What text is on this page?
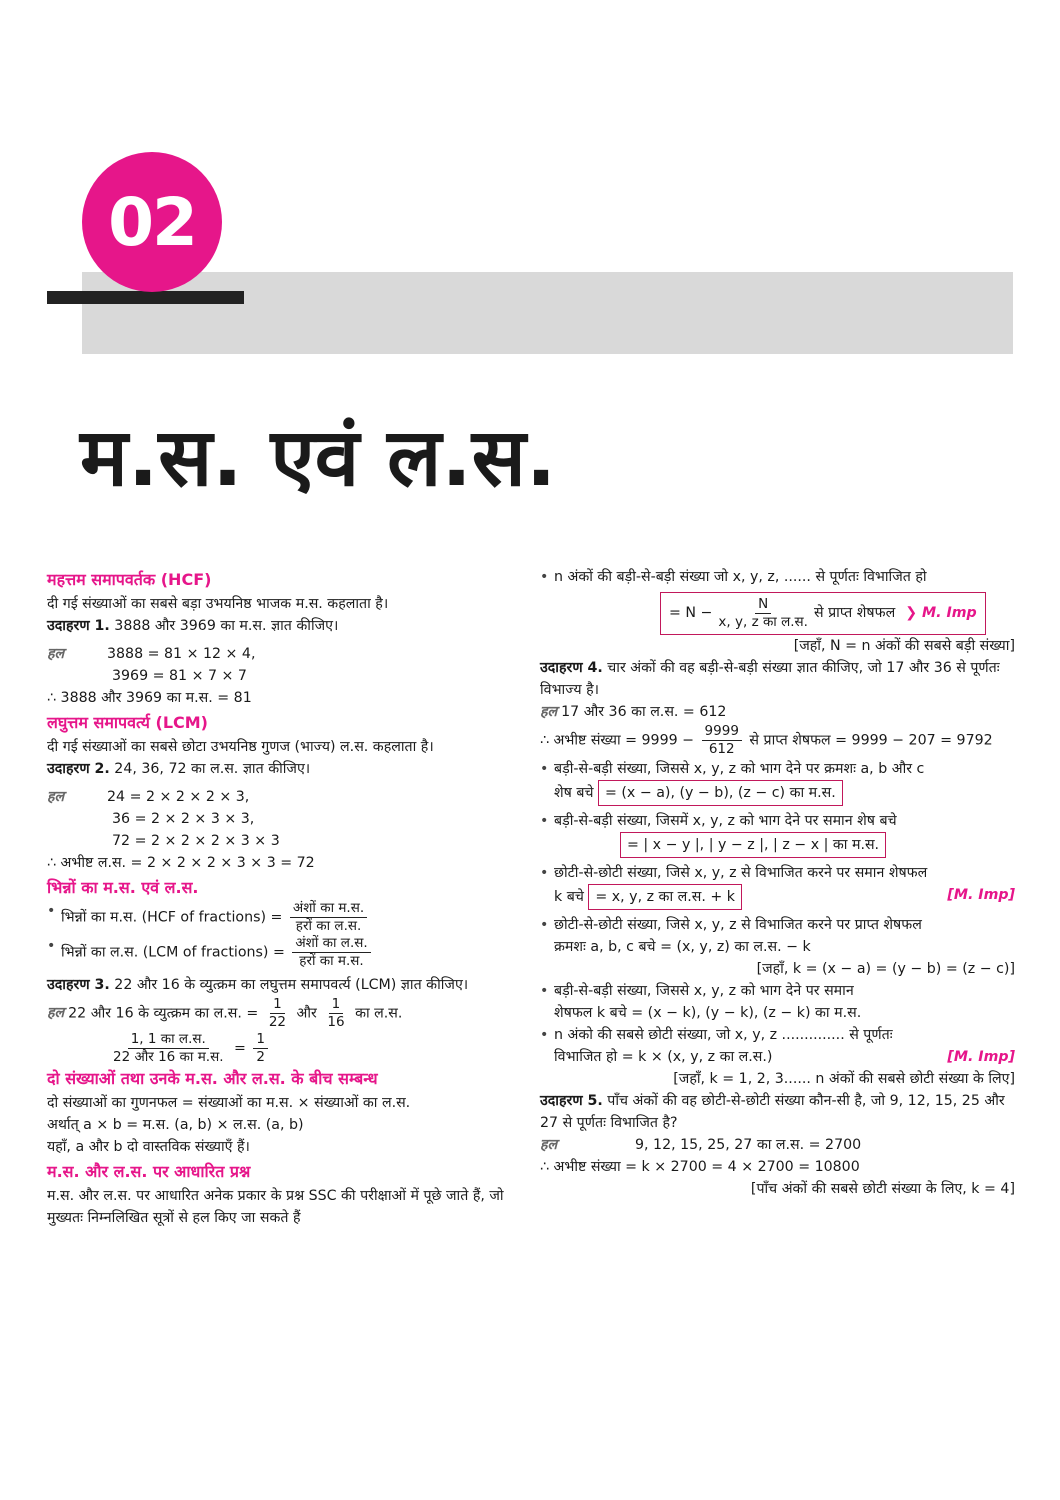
02
म.स. एवं ल.स.
महत्तम समापवर्तक (HCF)

दी गई संख्याओं का सबसे बड़ा उभयनिष्ठ भाजक म.स. कहलाता है।

उदाहरण 1. 3888 और 3969 का म.स. ज्ञात कीजिए।

हल	3888 = 81 × 12 × 4,

3969 = 81 × 7 × 7

∴ 3888 और 3969 का म.स. = 81

लघुत्तम समापवर्त्य (LCM)

दी गई संख्याओं का सबसे छोटा उभयनिष्ठ गुणज (भाज्य) ल.स. कहलाता है।

उदाहरण 2. 24, 36, 72 का ल.स. ज्ञात कीजिए।

हल	24 = 2 × 2 × 2 × 3,

36 = 2 × 2 × 3 × 3,

72 = 2 × 2 × 2 × 3 × 3

∴ अभीष्ट ल.स. = 2 × 2 × 2 × 3 × 3 = 72

भिन्नों का म.स. एवं ल.स.

• भिन्नों का म.स. (HCF of fractions) = $\frac{\text{अंशों का म.स.}}{\text{हरों का ल.स.}}$

• भिन्नों का ल.स. (LCM of fractions) = $\frac{\text{अंशों का ल.स.}}{\text{हरों का म.स.}}$

उदाहरण 3. 22 और 16 के व्युत्क्रम का लघुत्तम समापवर्त्य (LCM) ज्ञात कीजिए।

हल 22 और 16 के व्युत्क्रम का ल.स. = $\frac{1}{22}$ और $\frac{1}{16}$ का ल.स.

$\frac{\text{1, 1 का ल.स.}}{\text{22 और 16 का म.स.}} = \frac{1}{2}$

दो संख्याओं तथा उनके म.स. और ल.स. के बीच सम्बन्ध

दो संख्याओं का गुणनफल = संख्याओं का म.स. × संख्याओं का ल.स.

अर्थात् a × b = म.स. (a, b) × ल.स. (a, b)

यहाँ, a और b दो वास्तविक संख्याएँ हैं।

म.स. और ल.स. पर आधारित प्रश्न

म.स. और ल.स. पर आधारित अनेक प्रकार के प्रश्न SSC की परीक्षाओं में पूछे जाते हैं, जो मुख्यतः निम्नलिखित सूत्रों से हल किए जा सकते हैं

• n अंकों की बड़ी-से-बड़ी संख्या जो x, y, z, ...... से पूर्णतः विभाजित हो

= $N - \frac{N}{\text{x, y, z का ल.स.}}$ से प्राप्त शेषफल ❯ M. Imp

[जहाँ, N = n अंकों की सबसे बड़ी संख्या]

उदाहरण 4. चार अंकों की वह बड़ी-से-बड़ी संख्या ज्ञात कीजिए, जो 17 और 36 से पूर्णतः विभाज्य है।

हल 17 और 36 का ल.स. = 612

∴ अभीष्ट संख्या = $9999 - \frac{9999}{612}$ से प्राप्त शेषफल = 9999 − 207 = 9792

• बड़ी-से-बड़ी संख्या, जिससे x, y, z को भाग देने पर क्रमशः a, b और c

शेष बचे = (x − a), (y − b), (z − c) का म.स.

• बड़ी-से-बड़ी संख्या, जिसमें x, y, z को भाग देने पर समान शेष बचे

= | x − y |, | y − z |, | z − x | का म.स.

• छोटी-से-छोटी संख्या, जिसे x, y, z से विभाजित करने पर समान शेषफल

k बचे = x, y, z का ल.स. + k	[M. Imp]

• छोटी-से-छोटी संख्या, जिसे x, y, z से विभाजित करने पर प्राप्त शेषफल

क्रमशः a, b, c बचे = (x, y, z) का ल.स. − k

[जहाँ, k = (x − a) = (y − b) = (z − c)]

• बड़ी-से-बड़ी संख्या, जिससे x, y, z को भाग देने पर समान

शेषफल k बचे = (x − k), (y − k), (z − k) का म.स.

• n अंको की सबसे छोटी संख्या, जो x, y, z .............. से पूर्णतः

विभाजित हो = k × (x, y, z का ल.स.)	[M. Imp]

[जहाँ, k = 1, 2, 3...... n अंकों की सबसे छोटी संख्या के लिए]

उदाहरण 5. पाँच अंकों की वह छोटी-से-छोटी संख्या कौन-सी है, जो 9, 12, 15, 25 और 27 से पूर्णतः विभाजित है?

हल	9, 12, 15, 25, 27 का ल.स. = 2700

∴ अभीष्ट संख्या = k × 2700 = 4 × 2700 = 10800

[पाँच अंकों की सबसे छोटी संख्या के लिए, k = 4]
